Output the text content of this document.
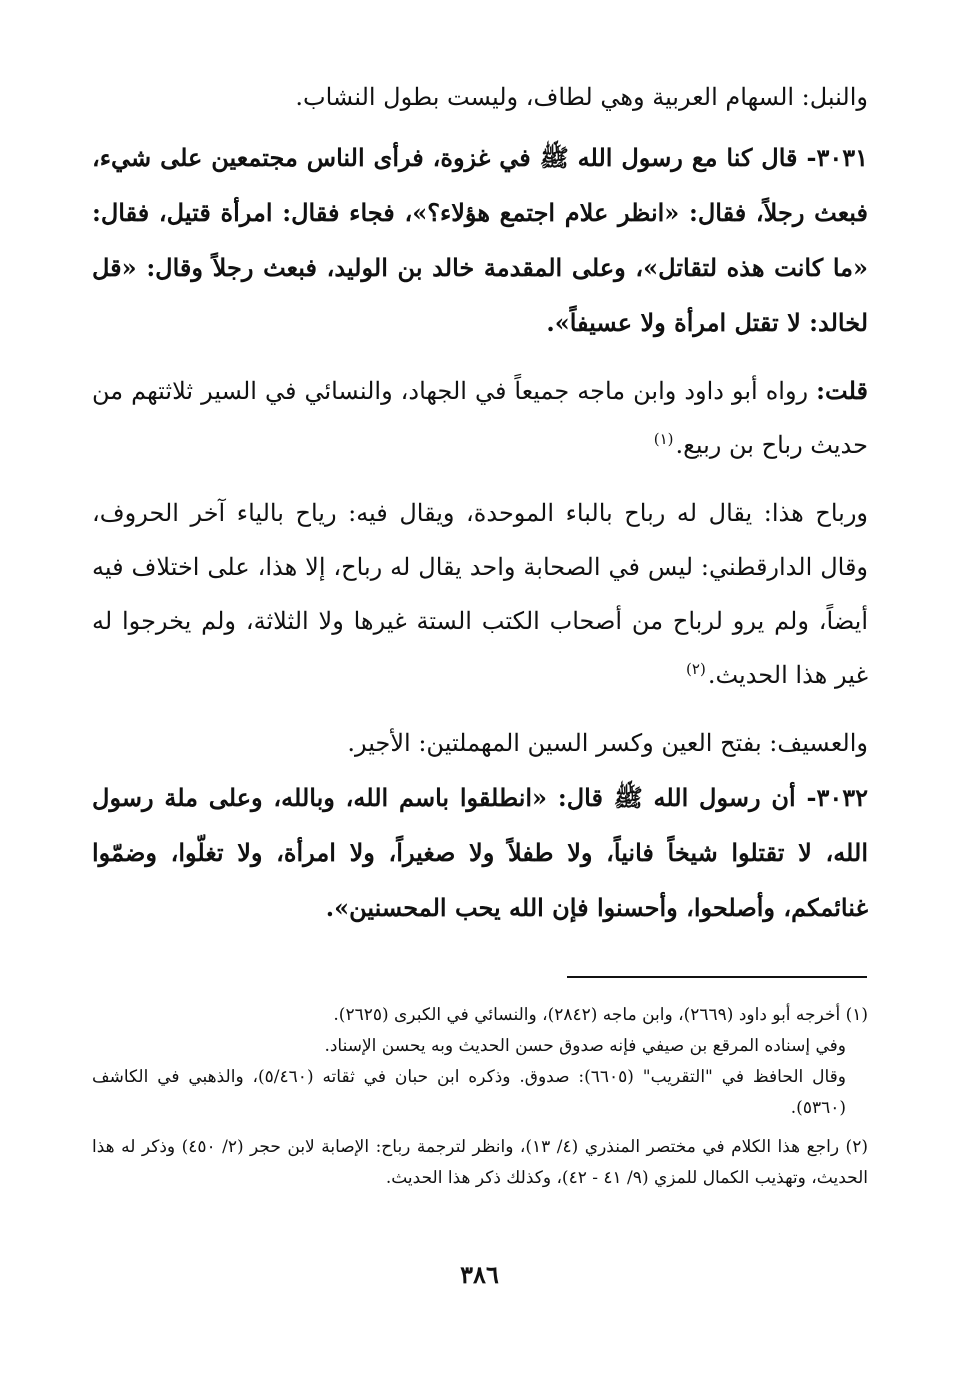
والنبل: السهام العربية وهي لطاف، وليست بطول النشاب.

٣٠٣١- قال كنا مع رسول الله ﷺ في غزوة، فرأى الناس مجتمعين على شيء، فبعث رجلاً، فقال: «انظر علام اجتمع هؤلاء؟»، فجاء فقال: امرأة قتيل، فقال: «ما كانت هذه لتقاتل»، وعلى المقدمة خالد بن الوليد، فبعث رجلاً وقال: «قل لخالد: لا تقتل امرأة ولا عسيفاً».

قلت: رواه أبو داود وابن ماجه جميعاً في الجهاد، والنسائي في السير ثلاثتهم من حديث رباح بن ربيع.$^{(١)}$

ورباح هذا: يقال له رباح بالباء الموحدة، ويقال فيه: رياح بالياء آخر الحروف، وقال الدارقطني: ليس في الصحابة واحد يقال له رباح، إلا هذا، على اختلاف فيه أيضاً، ولم يرو لرباح من أصحاب الكتب الستة غيرها ولا الثلاثة، ولم يخرجوا له غير هذا الحديث.$^{(٢)}$

والعسيف: بفتح العين وكسر السين المهملتين: الأجير.

٣٠٣٢- أن رسول الله ﷺ قال: «انطلقوا باسم الله، وبالله، وعلى ملة رسول الله، لا تقتلوا شيخاً فانياً، ولا طفلاً ولا صغيراً، ولا امرأة، ولا تغلّوا، وضمّوا غنائمكم، وأصلحوا، وأحسنوا فإن الله يحب المحسنين».

(١) أخرجه أبو داود (٢٦٦٩)، وابن ماجه (٢٨٤٢)، والنسائي في الكبرى (٢٦٢٥).

وفي إسناده المرقع بن صيفي فإنه صدوق حسن الحديث وبه يحسن الإسناد.

وقال الحافظ في "التقريب" (٦٦٠٥): صدوق. وذكره ابن حبان في ثقاته (٥/٤٦٠)، والذهبي في الكاشف (٥٣٦٠).

(٢) راجع هذا الكلام في مختصر المنذري (٤/ ١٣)، وانظر لترجمة رباح: الإصابة لابن حجر (٢/ ٤٥٠) وذكر له هذا الحديث، وتهذيب الكمال للمزي (٩/ ٤١ - ٤٢)، وكذلك ذكر هذا الحديث.

٣٨٦
